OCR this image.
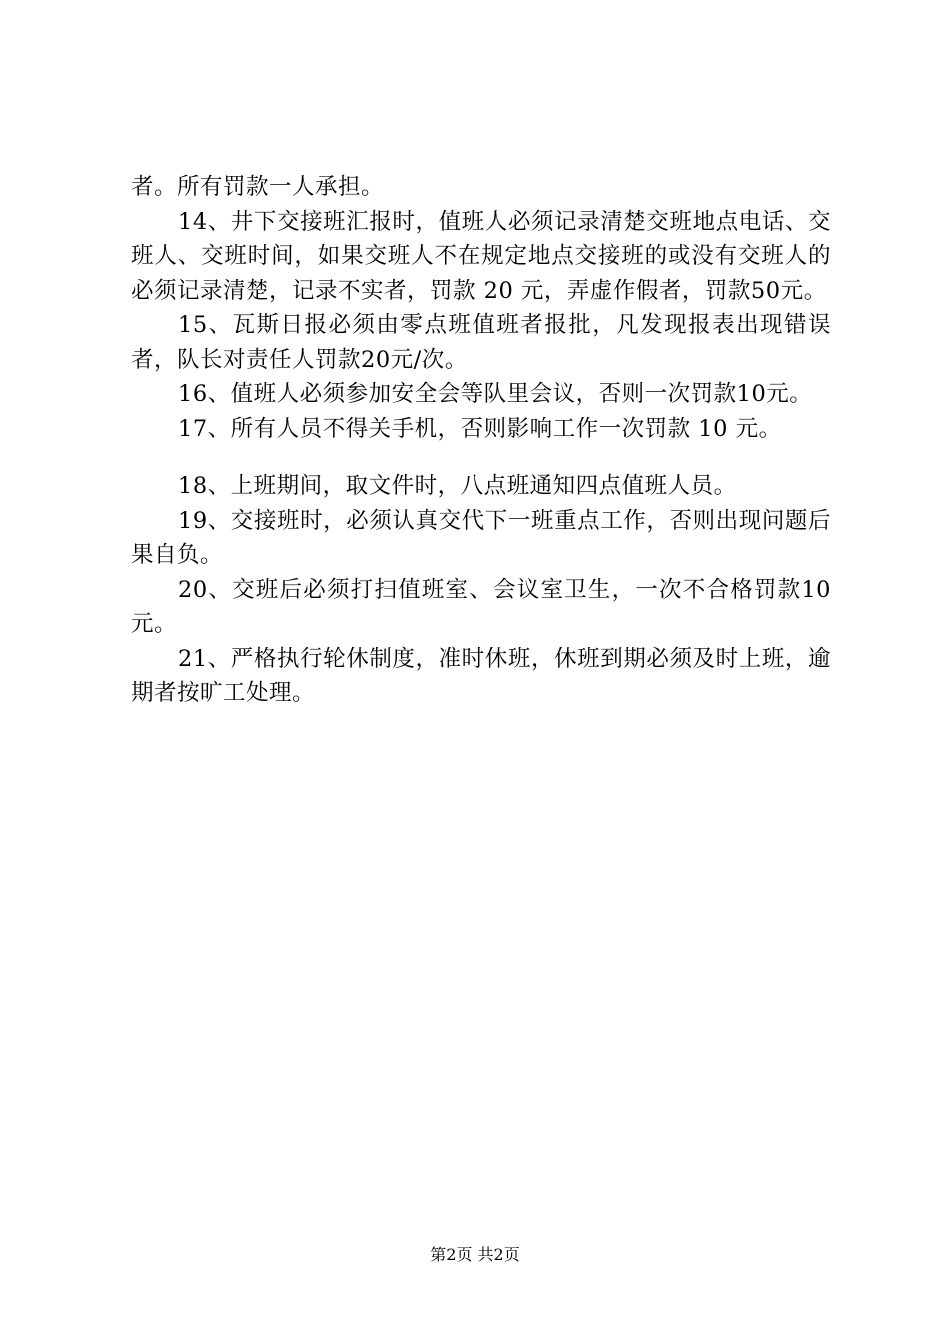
者。所有罚款一人承担。

14、井下交接班汇报时，值班人必须记录清楚交班地点电话、交班人、交班时间，如果交班人不在规定地点交接班的或没有交班人的必须记录清楚，记录不实者，罚款 20 元，弄虚作假者，罚款50元。

15、瓦斯日报必须由零点班值班者报批，凡发现报表出现错误者，队长对责任人罚款20元/次。

16、值班人必须参加安全会等队里会议，否则一次罚款10元。

17、所有人员不得关手机，否则影响工作一次罚款 10 元。

18、上班期间，取文件时，八点班通知四点值班人员。

19、交接班时，必须认真交代下一班重点工作，否则出现问题后果自负。

20、交班后必须打扫值班室、会议室卫生，一次不合格罚款10元。

21、严格执行轮休制度，准时休班，休班到期必须及时上班，逾期者按旷工处理。

第2页 共2页
